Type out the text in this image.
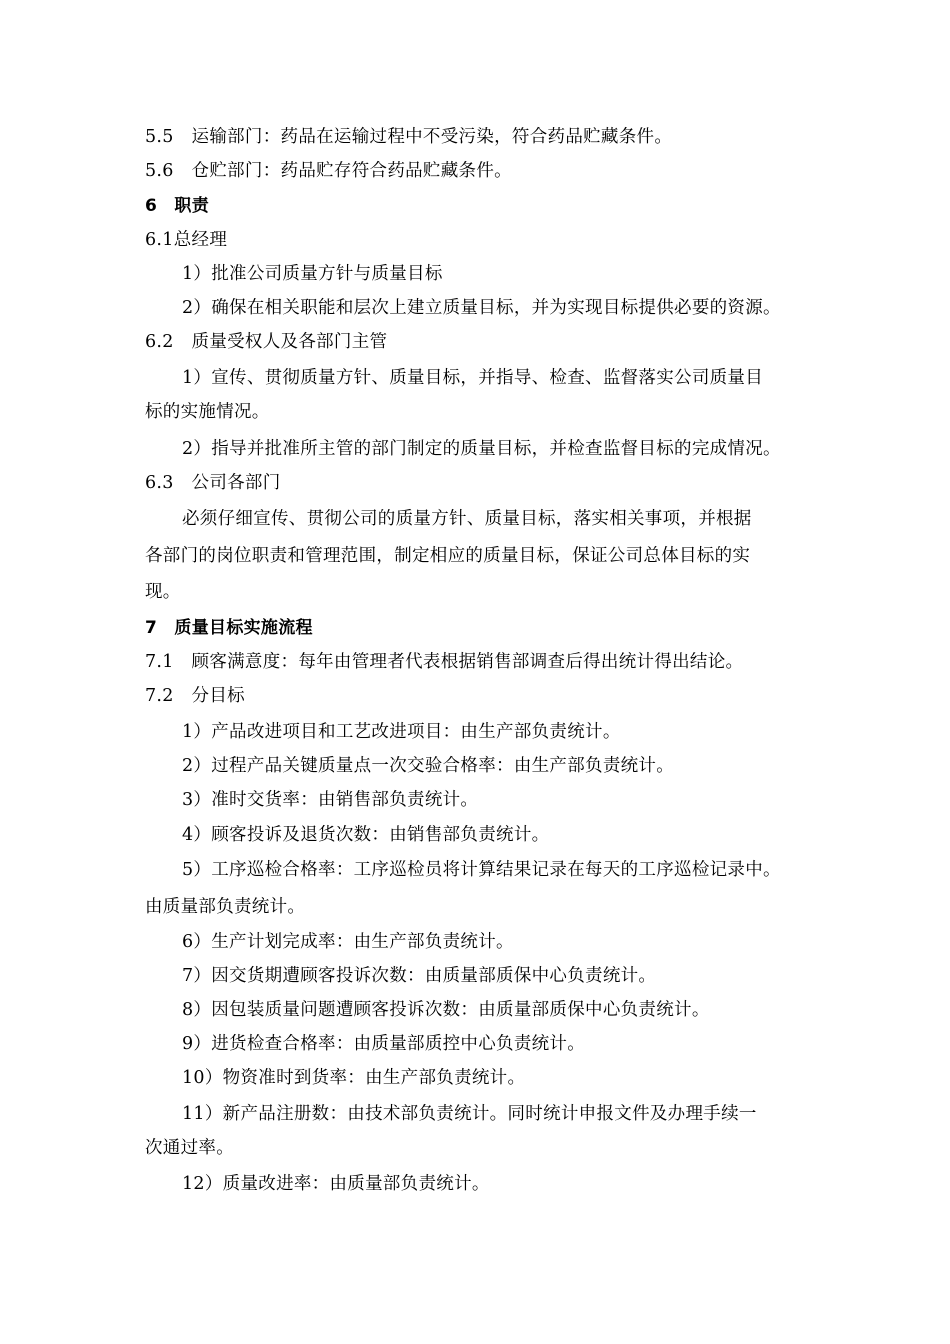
5.5　运输部门：药品在运输过程中不受污染，符合药品贮藏条件。
5.6　仓贮部门：药品贮存符合药品贮藏条件。
6　职责
6.1总经理
1）批准公司质量方针与质量目标
2）确保在相关职能和层次上建立质量目标，并为实现目标提供必要的资源。
6.2　质量受权人及各部门主管
1）宣传、贯彻质量方针、质量目标，并指导、检查、监督落实公司质量目
标的实施情况。
2）指导并批准所主管的部门制定的质量目标，并检查监督目标的完成情况。
6.3　公司各部门
必须仔细宣传、贯彻公司的质量方针、质量目标，落实相关事项，并根据
各部门的岗位职责和管理范围，制定相应的质量目标，保证公司总体目标的实
现。
7　质量目标实施流程
7.1　顾客满意度：每年由管理者代表根据销售部调查后得出统计得出结论。
7.2　分目标
1）产品改进项目和工艺改进项目：由生产部负责统计。
2）过程产品关键质量点一次交验合格率：由生产部负责统计。
3）准时交货率：由销售部负责统计。
4）顾客投诉及退货次数：由销售部负责统计。
5）工序巡检合格率：工序巡检员将计算结果记录在每天的工序巡检记录中。
由质量部负责统计。
6）生产计划完成率：由生产部负责统计。
7）因交货期遭顾客投诉次数：由质量部质保中心负责统计。
8）因包装质量问题遭顾客投诉次数：由质量部质保中心负责统计。
9）进货检查合格率：由质量部质控中心负责统计。
10）物资准时到货率：由生产部负责统计。
11）新产品注册数：由技术部负责统计。同时统计申报文件及办理手续一
次通过率。
12）质量改进率：由质量部负责统计。
